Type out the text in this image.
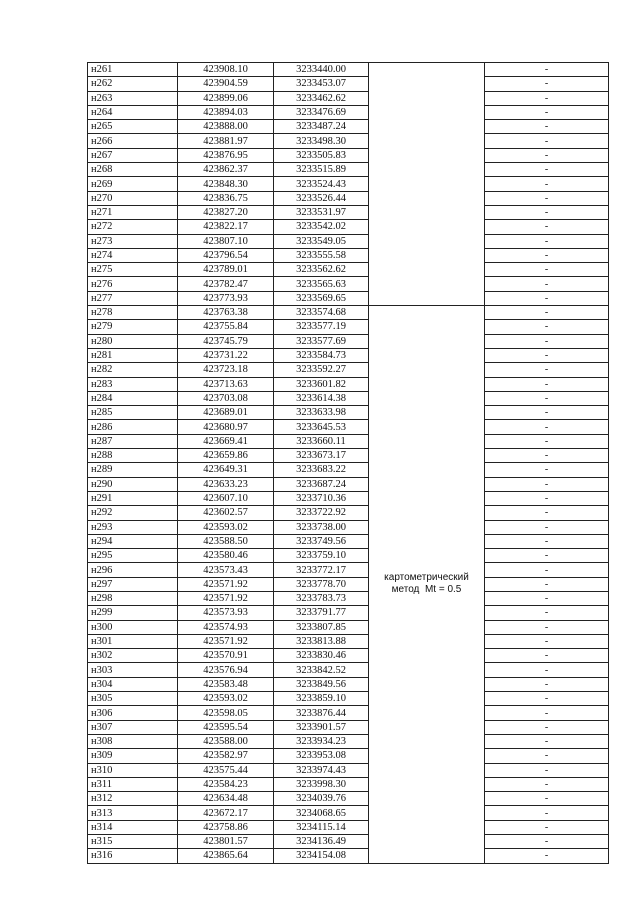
н261	423908.10	3233440.00		-
н262	423904.59	3233453.07		-
н263	423899.06	3233462.62		-
н264	423894.03	3233476.69		-
н265	423888.00	3233487.24		-
н266	423881.97	3233498.30		-
н267	423876.95	3233505.83		-
н268	423862.37	3233515.89		-
н269	423848.30	3233524.43		-
н270	423836.75	3233526.44		-
н271	423827.20	3233531.97		-
н272	423822.17	3233542.02		-
н273	423807.10	3233549.05		-
н274	423796.54	3233555.58		-
н275	423789.01	3233562.62		-
н276	423782.47	3233565.63		-
н277	423773.93	3233569.65		-
н278	423763.38	3233574.68	картометрический
метод  Mt = 0.5	-
н279	423755.84	3233577.19		-
н280	423745.79	3233577.69		-
н281	423731.22	3233584.73		-
н282	423723.18	3233592.27		-
н283	423713.63	3233601.82		-
н284	423703.08	3233614.38		-
н285	423689.01	3233633.98		-
н286	423680.97	3233645.53		-
н287	423669.41	3233660.11		-
н288	423659.86	3233673.17		-
н289	423649.31	3233683.22		-
н290	423633.23	3233687.24		-
н291	423607.10	3233710.36		-
н292	423602.57	3233722.92		-
н293	423593.02	3233738.00		-
н294	423588.50	3233749.56		-
н295	423580.46	3233759.10		-
н296	423573.43	3233772.17		-
н297	423571.92	3233778.70		-
н298	423571.92	3233783.73		-
н299	423573.93	3233791.77		-
н300	423574.93	3233807.85		-
н301	423571.92	3233813.88		-
н302	423570.91	3233830.46		-
н303	423576.94	3233842.52		-
н304	423583.48	3233849.56		-
н305	423593.02	3233859.10		-
н306	423598.05	3233876.44		-
н307	423595.54	3233901.57		-
н308	423588.00	3233934.23		-
н309	423582.97	3233953.08		-
н310	423575.44	3233974.43		-
н311	423584.23	3233998.30		-
н312	423634.48	3234039.76		-
н313	423672.17	3234068.65		-
н314	423758.86	3234115.14		-
н315	423801.57	3234136.49		-
н316	423865.64	3234154.08		-
